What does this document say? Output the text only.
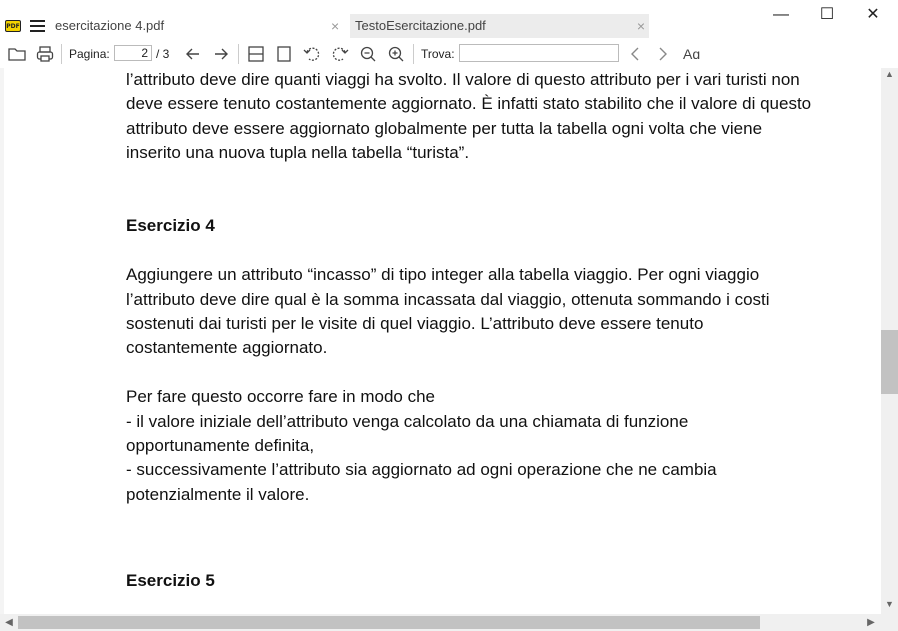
PDF	esercitazione 4.pdf	TestoEsercitazione.pdf	×
×
—	☐	✕
Pagina:	/ 3	Trova:	Aɑ
2

l’attributo deve dire quanti viaggi ha svolto. Il valore di questo attributo per i vari turisti non

deve essere tenuto costantemente aggiornato. È infatti stato stabilito che il valore di questo

attributo deve essere aggiornato globalmente per tutta la tabella ogni volta che viene

inserito una nuova tupla nella tabella “turista”.

Esercizio 4

Aggiungere un attributo “incasso” di tipo integer alla tabella viaggio. Per ogni viaggio

l’attributo deve dire qual è la somma incassata dal viaggio, ottenuta sommando i costi

sostenuti dai turisti per le visite di quel viaggio. L’attributo deve essere tenuto

costantemente aggiornato.

Per fare questo occorre fare in modo che

- il valore iniziale dell’attributo venga calcolato da una chiamata di funzione

opportunamente definita,

- successivamente l’attributo sia aggiornato ad ogni operazione che ne cambia

potenzialmente il valore.

Esercizio 5

▲
▼
◀	▶
